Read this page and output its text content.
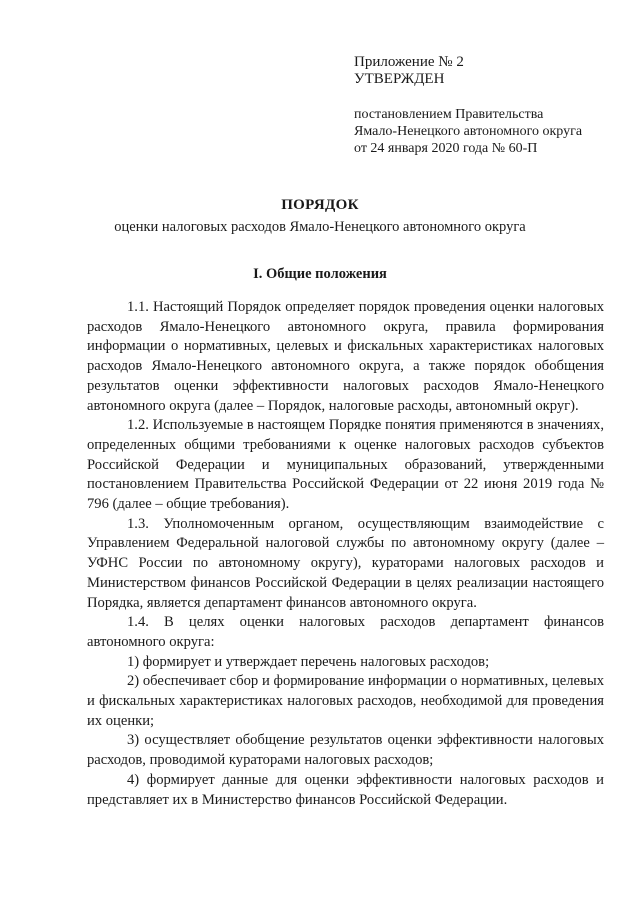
Приложение № 2
УТВЕРЖДЕН
постановлением Правительства
Ямало-Ненецкого автономного округа
от 24 января 2020 года № 60-П
ПОРЯДОК
оценки налоговых расходов Ямало-Ненецкого автономного округа
I. Общие положения

1.1. Настоящий Порядок определяет порядок проведения оценки налоговых расходов Ямало-Ненецкого автономного округа, правила формирования информации о нормативных, целевых и фискальных характеристиках налоговых расходов Ямало-Ненецкого автономного округа, а также порядок обобщения результатов оценки эффективности налоговых расходов Ямало-Ненецкого автономного округа (далее – Порядок, налоговые расходы, автономный округ).

1.2. Используемые в настоящем Порядке понятия применяются в значениях, определенных общими требованиями к оценке налоговых расходов субъектов Российской Федерации и муниципальных образований, утвержденными постановлением Правительства Российской Федерации от 22 июня 2019 года № 796 (далее – общие требования).

1.3. Уполномоченным органом, осуществляющим взаимодействие с Управлением Федеральной налоговой службы по автономному округу (далее – УФНС России по автономному округу), кураторами налоговых расходов и Министерством финансов Российской Федерации в целях реализации настоящего Порядка, является департамент финансов автономного округа.

1.4. В целях оценки налоговых расходов департамент финансов автономного округа:

1) формирует и утверждает перечень налоговых расходов;

2) обеспечивает сбор и формирование информации о нормативных, целевых и фискальных характеристиках налоговых расходов, необходимой для проведения их оценки;

3) осуществляет обобщение результатов оценки эффективности налоговых расходов, проводимой кураторами налоговых расходов;

4) формирует данные для оценки эффективности налоговых расходов и представляет их в Министерство финансов Российской Федерации.
